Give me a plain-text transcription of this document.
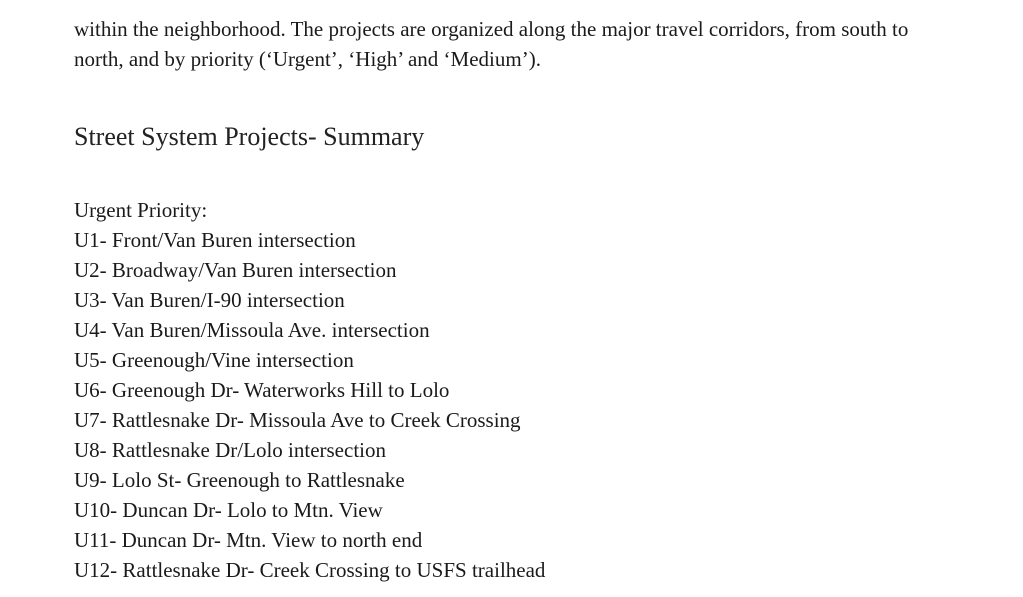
within the neighborhood. The projects are organized along the major travel corridors, from south to
north, and by priority (‘Urgent’, ‘High’ and ‘Medium’).

Street System Projects- Summary

Urgent Priority:

U1- Front/Van Buren intersection
U2- Broadway/Van Buren intersection
U3- Van Buren/I-90 intersection
U4- Van Buren/Missoula Ave. intersection
U5- Greenough/Vine intersection
U6- Greenough Dr- Waterworks Hill to Lolo
U7- Rattlesnake Dr- Missoula Ave to Creek Crossing
U8- Rattlesnake Dr/Lolo intersection
U9- Lolo St- Greenough to Rattlesnake
U10- Duncan Dr- Lolo to Mtn. View
U11- Duncan Dr- Mtn. View to north end
U12- Rattlesnake Dr- Creek Crossing to USFS trailhead
